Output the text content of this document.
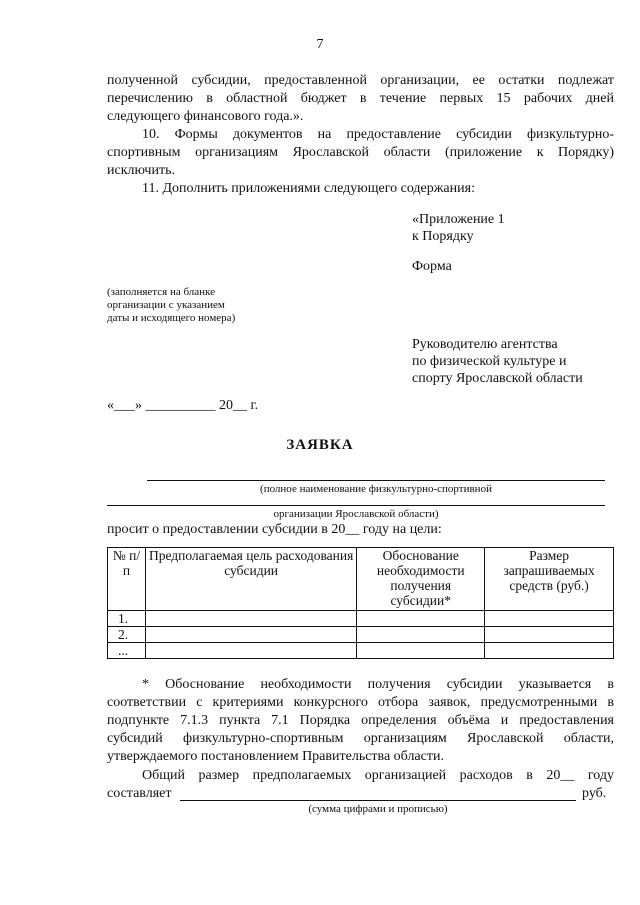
7
полученной субсидии, предоставленной организации, ее остатки подлежат
перечислению в областной бюджет в течение первых 15 рабочих дней
следующего финансового года.».
10. Формы документов на предоставление субсидии физкультурно-
спортивным организациям Ярославской области (приложение к Порядку)
исключить.
11. Дополнить приложениями следующего содержания:
«Приложение 1
к Порядку
Форма
(заполняется на бланке
организации с указанием
даты и исходящего номера)
Руководителю агентства
по физической культуре и
спорту Ярославской области
«___» __________ 20__ г.
ЗАЯВКА
(полное наименование физкультурно-спортивной
организации Ярославской области)
просит о предоставлении субсидии в 20__ году на цели:
№ п/п	Предполагаемая цель расходования субсидии	Обоснование необходимости получения субсидии*	Размер запрашиваемых средств (руб.)
1.			
2.			
...			
* Обоснование необходимости получения субсидии указывается в
соответствии с критериями конкурсного отбора заявок, предусмотренными в
подпункте 7.1.3 пункта 7.1 Порядка определения объёма и предоставления
субсидий физкультурно-спортивным организациям Ярославской области,
утверждаемого постановлением Правительства области.
Общий размер предполагаемых организацией расходов в 20__ году
составляет	руб.
(сумма цифрами и прописью)
